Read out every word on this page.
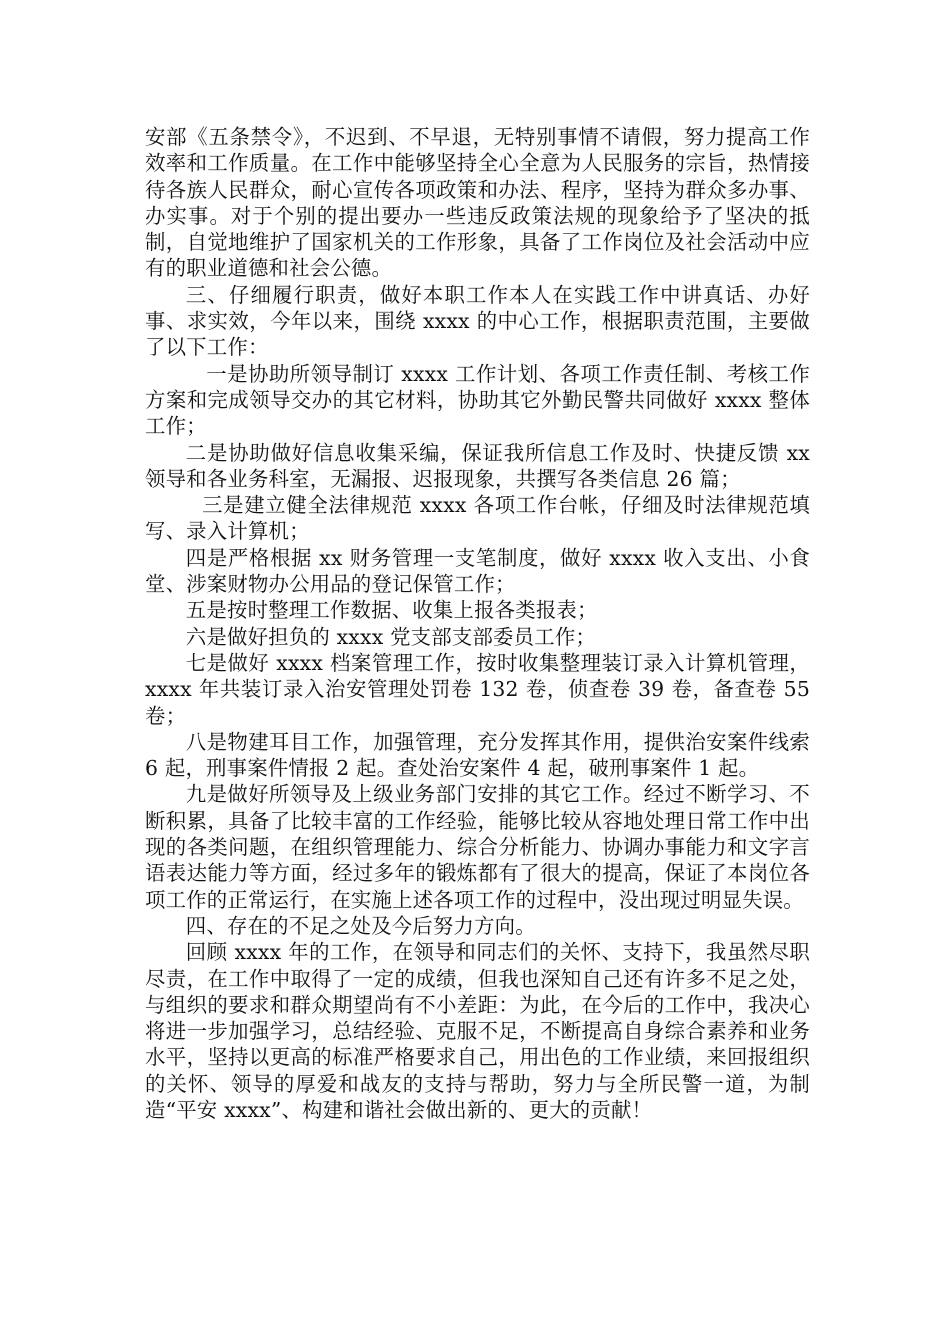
安部《五条禁令》，不迟到、不早退，无特别事情不请假，努力提高工作效率和工作质量。在工作中能够坚持全心全意为人民服务的宗旨，热情接待各族人民群众，耐心宣传各项政策和办法、程序，坚持为群众多办事、办实事。对于个别的提出要办一些违反政策法规的现象给予了坚决的抵制，自觉地维护了国家机关的工作形象，具备了工作岗位及社会活动中应有的职业道德和社会公德。

三、仔细履行职责，做好本职工作本人在实践工作中讲真话、办好事、求实效，今年以来，围绕 xxxx 的中心工作，根据职责范围，主要做了以下工作：

一是协助所领导制订 xxxx 工作计划、各项工作责任制、考核工作方案和完成领导交办的其它材料，协助其它外勤民警共同做好 xxxx 整体工作；

二是协助做好信息收集采编，保证我所信息工作及时、快捷反馈 xx 领导和各业务科室，无漏报、迟报现象，共撰写各类信息 26 篇；

三是建立健全法律规范 xxxx 各项工作台帐，仔细及时法律规范填写、录入计算机；

四是严格根据 xx 财务管理一支笔制度，做好 xxxx 收入支出、小食堂、涉案财物办公用品的登记保管工作；

五是按时整理工作数据、收集上报各类报表；

六是做好担负的 xxxx 党支部支部委员工作；

七是做好 xxxx 档案管理工作，按时收集整理装订录入计算机管理，xxxx 年共装订录入治安管理处罚卷 132 卷，侦查卷 39 卷，备查卷 55 卷；

八是物建耳目工作，加强管理，充分发挥其作用，提供治安案件线索 6 起，刑事案件情报 2 起。查处治安案件 4 起，破刑事案件 1 起。

九是做好所领导及上级业务部门安排的其它工作。经过不断学习、不断积累，具备了比较丰富的工作经验，能够比较从容地处理日常工作中出现的各类问题，在组织管理能力、综合分析能力、协调办事能力和文字言语表达能力等方面，经过多年的锻炼都有了很大的提高，保证了本岗位各项工作的正常运行，在实施上述各项工作的过程中，没出现过明显失误。

四、存在的不足之处及今后努力方向。

回顾 xxxx 年的工作，在领导和同志们的关怀、支持下，我虽然尽职尽责，在工作中取得了一定的成绩，但我也深知自己还有许多不足之处，与组织的要求和群众期望尚有不小差距：为此，在今后的工作中，我决心将进一步加强学习，总结经验、克服不足，不断提高自身综合素养和业务水平，坚持以更高的标准严格要求自己，用出色的工作业绩，来回报组织的关怀、领导的厚爱和战友的支持与帮助，努力与全所民警一道，为制造“平安 xxxx”、构建和谐社会做出新的、更大的贡献！
